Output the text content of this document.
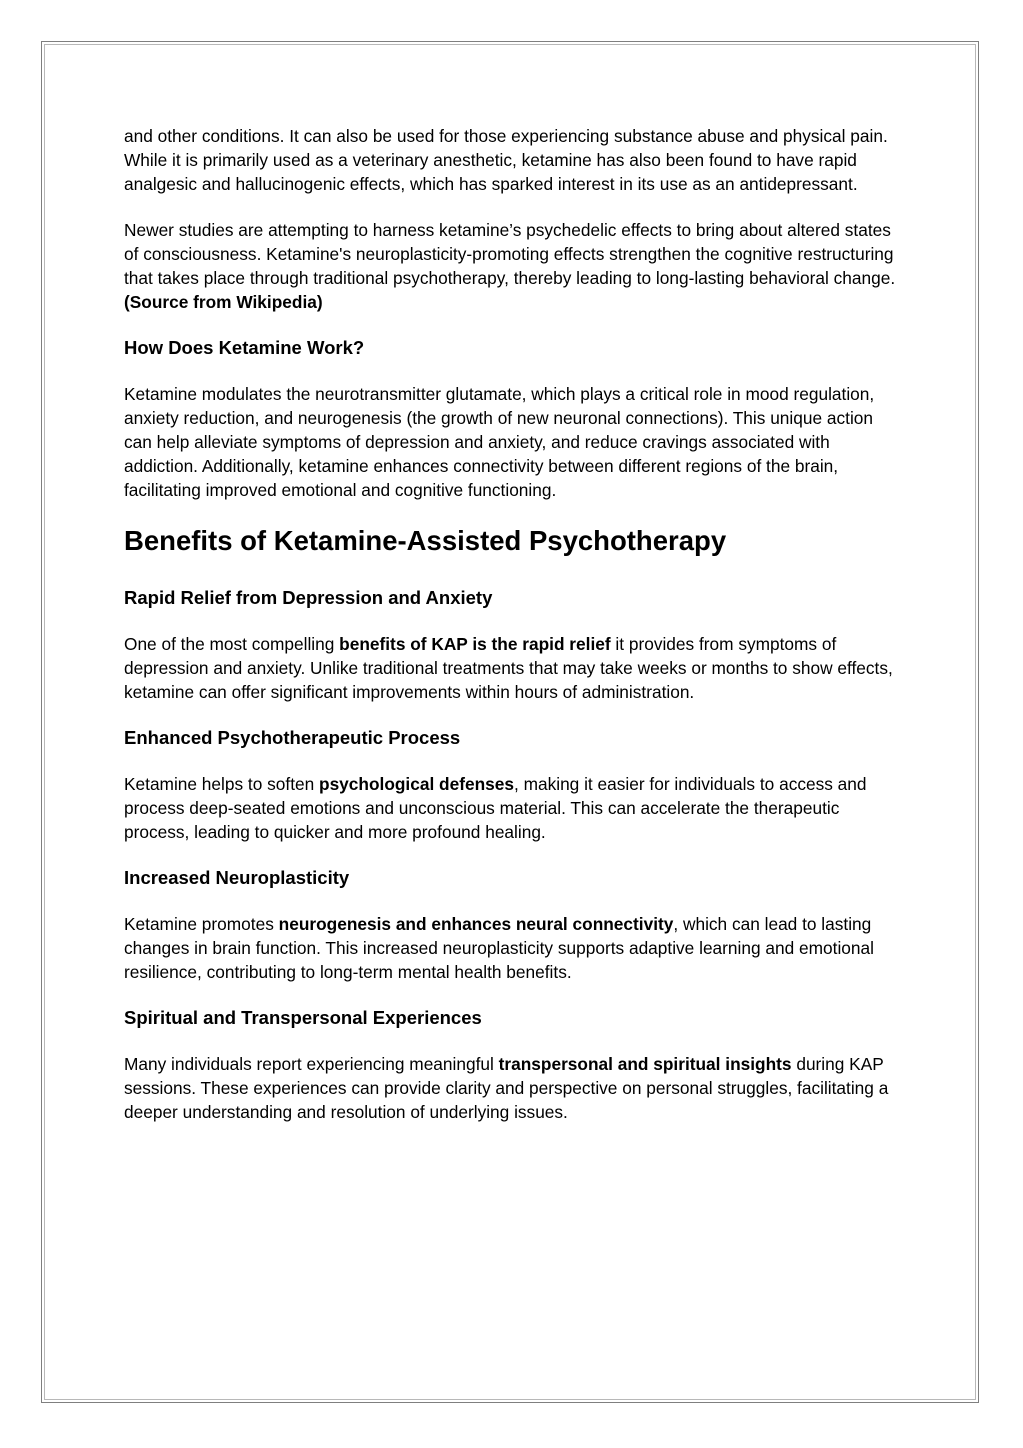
and other conditions. It can also be used for those experiencing substance abuse and physical pain. While it is primarily used as a veterinary anesthetic, ketamine has also been found to have rapid analgesic and hallucinogenic effects, which has sparked interest in its use as an antidepressant.

Newer studies are attempting to harness ketamine’s psychedelic effects to bring about altered states of consciousness. Ketamine's neuroplasticity-promoting effects strengthen the cognitive restructuring that takes place through traditional psychotherapy, thereby leading to long-lasting behavioral change. (Source from Wikipedia)

How Does Ketamine Work?

Ketamine modulates the neurotransmitter glutamate, which plays a critical role in mood regulation, anxiety reduction, and neurogenesis (the growth of new neuronal connections). This unique action can help alleviate symptoms of depression and anxiety, and reduce cravings associated with addiction. Additionally, ketamine enhances connectivity between different regions of the brain, facilitating improved emotional and cognitive functioning.

Benefits of Ketamine-Assisted Psychotherapy
Rapid Relief from Depression and Anxiety

One of the most compelling benefits of KAP is the rapid relief it provides from symptoms of depression and anxiety. Unlike traditional treatments that may take weeks or months to show effects, ketamine can offer significant improvements within hours of administration.

Enhanced Psychotherapeutic Process

Ketamine helps to soften psychological defenses, making it easier for individuals to access and process deep-seated emotions and unconscious material. This can accelerate the therapeutic process, leading to quicker and more profound healing.

Increased Neuroplasticity

Ketamine promotes neurogenesis and enhances neural connectivity, which can lead to lasting changes in brain function. This increased neuroplasticity supports adaptive learning and emotional resilience, contributing to long-term mental health benefits.

Spiritual and Transpersonal Experiences

Many individuals report experiencing meaningful transpersonal and spiritual insights during KAP sessions. These experiences can provide clarity and perspective on personal struggles, facilitating a deeper understanding and resolution of underlying issues.
